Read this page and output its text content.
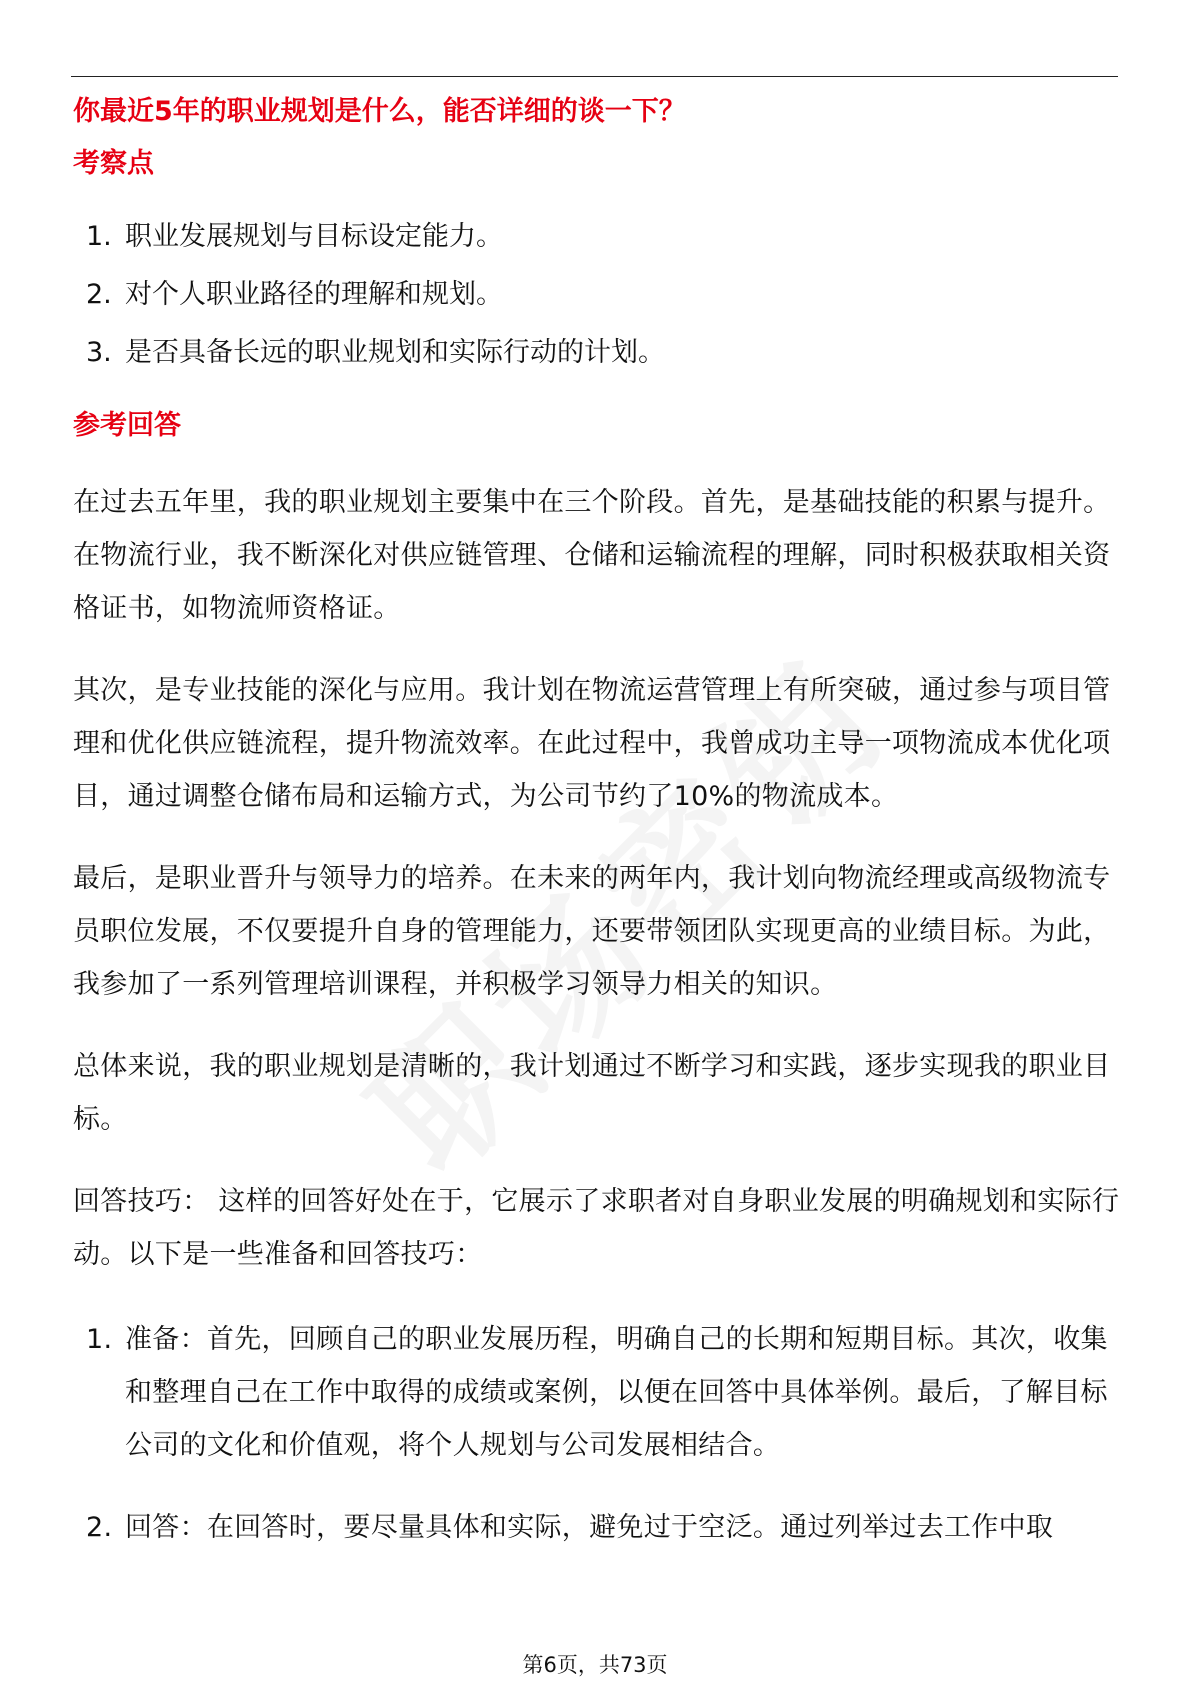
你最近5年的职业规划是什么，能否详细的谈一下？
考察点
1. 职业发展规划与目标设定能力。
2. 对个人职业路径的理解和规划。
3. 是否具备长远的职业规划和实际行动的计划。
参考回答

在过去五年里，我的职业规划主要集中在三个阶段。首先，是基础技能的积累与提升。在物流行业，我不断深化对供应链管理、仓储和运输流程的理解，同时积极获取相关资格证书，如物流师资格证。

其次，是专业技能的深化与应用。我计划在物流运营管理上有所突破，通过参与项目管理和优化供应链流程，提升物流效率。在此过程中，我曾成功主导一项物流成本优化项目，通过调整仓储布局和运输方式，为公司节约了10%的物流成本。

最后，是职业晋升与领导力的培养。在未来的两年内，我计划向物流经理或高级物流专员职位发展，不仅要提升自身的管理能力，还要带领团队实现更高的业绩目标。为此，我参加了一系列管理培训课程，并积极学习领导力相关的知识。

总体来说，我的职业规划是清晰的，我计划通过不断学习和实践，逐步实现我的职业目标。

回答技巧： 这样的回答好处在于，它展示了求职者对自身职业发展的明确规划和实际行动。以下是一些准备和回答技巧：

1. 准备：首先，回顾自己的职业发展历程，明确自己的长期和短期目标。其次，收集和整理自己在工作中取得的成绩或案例，以便在回答中具体举例。最后，了解目标公司的文化和价值观，将个人规划与公司发展相结合。
2. 回答：在回答时，要尽量具体和实际，避免过于空泛。通过列举过去工作中取
第6页，共73页
